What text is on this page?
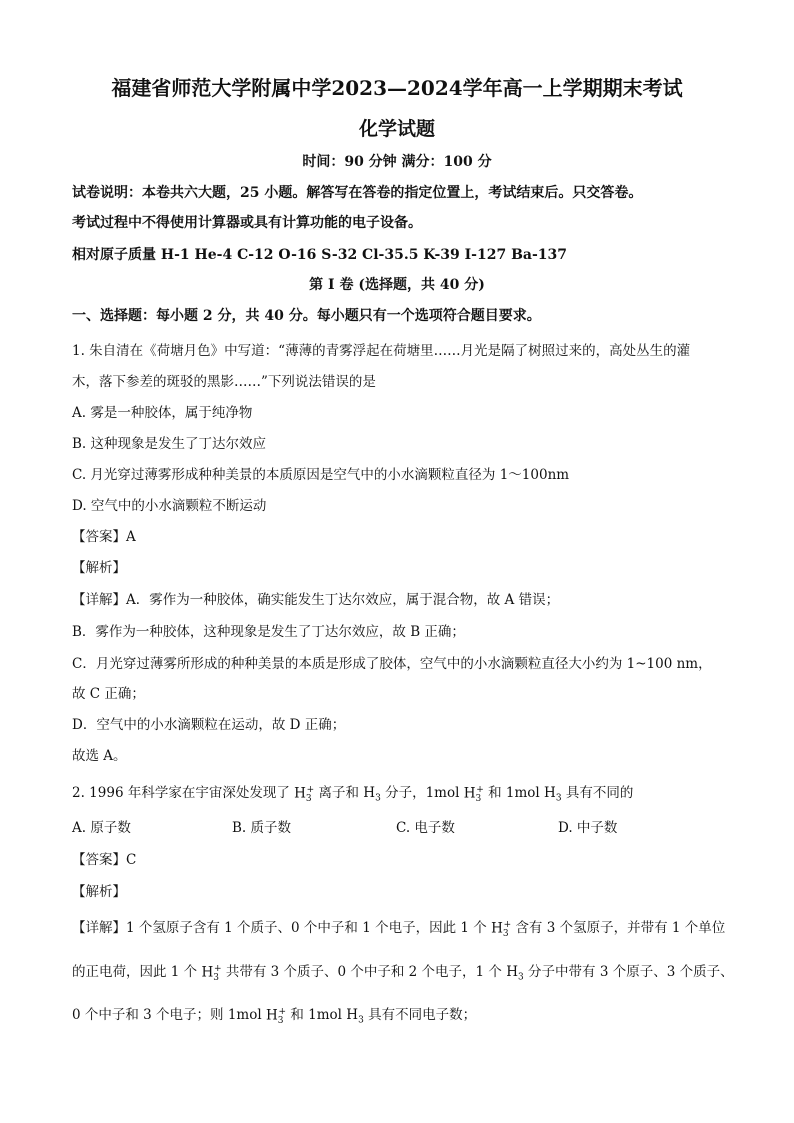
福建省师范大学附属中学2023—2024学年高一上学期期末考试
化学试题
时间：90 分钟 满分：100 分
试卷说明：本卷共六大题，25 小题。解答写在答卷的指定位置上，考试结束后。只交答卷。
考试过程中不得使用计算器或具有计算功能的电子设备。
相对原子质量 H-1 He-4 C-12 O-16 S-32 Cl-35.5 K-39 I-127 Ba-137
第 I 卷 (选择题，共 40 分)
一、选择题：每小题 2 分，共 40 分。每小题只有一个选项符合题目要求。
1. 朱自清在《荷塘月色》中写道：“薄薄的青雾浮起在荷塘里……月光是隔了树照过来的，高处丛生的灌
木，落下参差的斑驳的黑影……”下列说法错误的是
A. 雾是一种胶体，属于纯净物
B. 这种现象是发生了丁达尔效应
C. 月光穿过薄雾形成种种美景的本质原因是空气中的小水滴颗粒直径为 1～100nm
D. 空气中的小水滴颗粒不断运动
【答案】A
【解析】
【详解】A．雾作为一种胶体，确实能发生丁达尔效应，属于混合物，故 A 错误；
B．雾作为一种胶体，这种现象是发生了丁达尔效应，故 B 正确；
C．月光穿过薄雾所形成的种种美景的本质是形成了胶体，空气中的小水滴颗粒直径大小约为 1~100 nm，
故 C 正确；
D．空气中的小水滴颗粒在运动，故 D 正确；
故选 A。
2. 1996 年科学家在宇宙深处发现了 $H_3^+$ 离子和 $H_3$ 分子，1mol $H_3^+$ 和 1mol $H_3$ 具有不同的
A. 原子数	B. 质子数	C. 电子数	D. 中子数
【答案】C
【解析】
【详解】1 个氢原子含有 1 个质子、0 个中子和 1 个电子，因此 1 个 $H_3^+$ 含有 3 个氢原子，并带有 1 个单位
的正电荷，因此 1 个 $H_3^+$ 共带有 3 个质子、0 个中子和 2 个电子，1 个 $H_3$ 分子中带有 3 个原子、3 个质子、
0 个中子和 3 个电子；则 1mol $H_3^+$ 和 1mol $H_3$ 具有不同电子数；
